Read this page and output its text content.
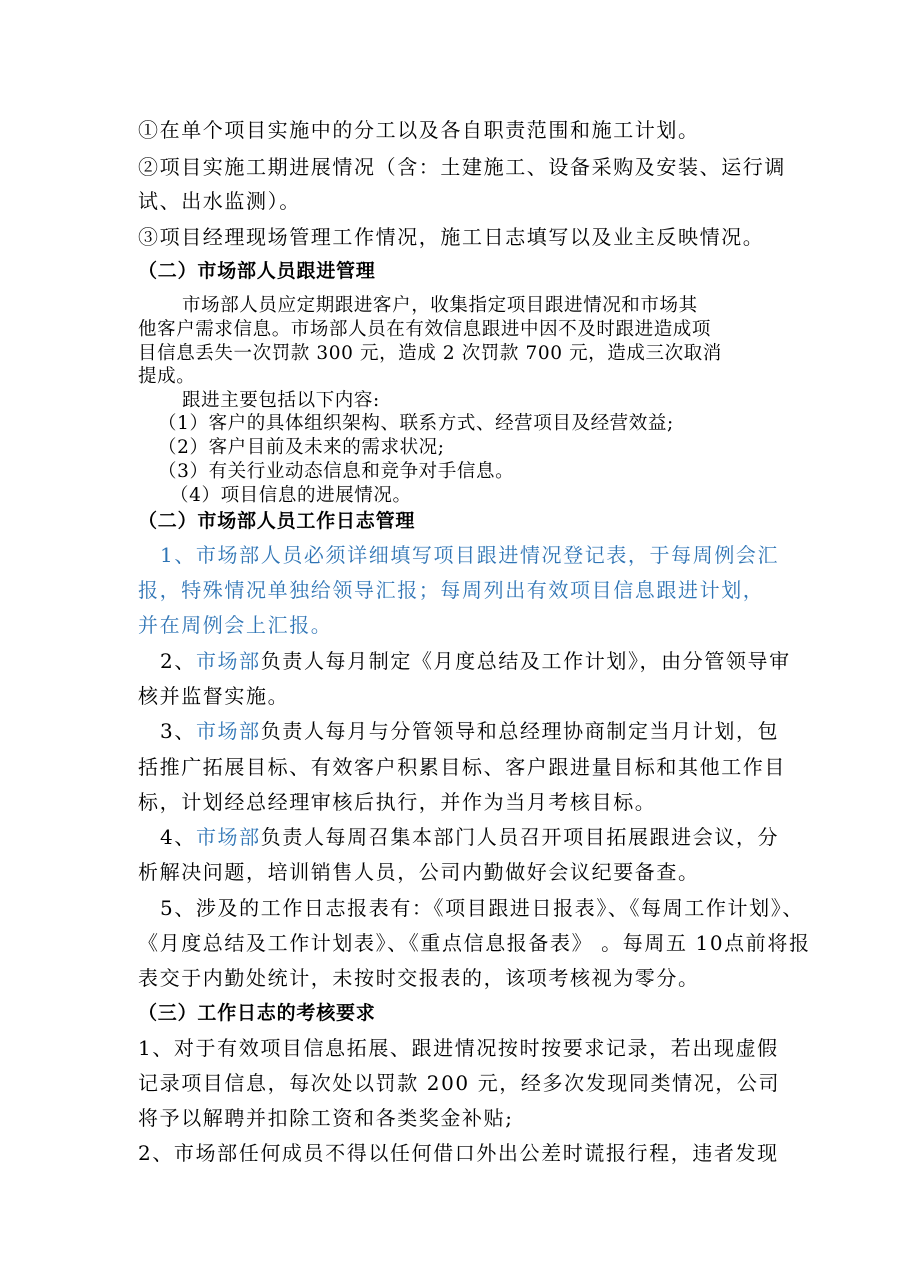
①在单个项目实施中的分工以及各自职责范围和施工计划。
②项目实施工期进展情况（含：土建施工、设备采购及安装、运行调
试、出水监测）。
③项目经理现场管理工作情况，施工日志填写以及业主反映情况。
（二）市场部人员跟进管理
市场部人员应定期跟进客户，收集指定项目跟进情况和市场其
他客户需求信息。市场部人员在有效信息跟进中因不及时跟进造成项
目信息丢失一次罚款 300 元，造成 2 次罚款 700 元，造成三次取消
提成。
跟进主要包括以下内容:
（1）客户的具体组织架构、联系方式、经营项目及经营效益;
（2）客户目前及未来的需求状况;
（3）有关行业动态信息和竞争对手信息。
（4）项目信息的进展情况。
（二）市场部人员工作日志管理
1、市场部人员必须详细填写项目跟进情况登记表，于每周例会汇
报，特殊情况单独给领导汇报；每周列出有效项目信息跟进计划，
并在周例会上汇报。
2、市场部负责人每月制定《月度总结及工作计划》，由分管领导审
核并监督实施。
3、市场部负责人每月与分管领导和总经理协商制定当月计划，包
括推广拓展目标、有效客户积累目标、客户跟进量目标和其他工作目
标，计划经总经理审核后执行，并作为当月考核目标。
4、市场部负责人每周召集本部门人员召开项目拓展跟进会议，分
析解决问题，培训销售人员，公司内勤做好会议纪要备查。
5、涉及的工作日志报表有：《项目跟进日报表》、《每周工作计划》、
《月度总结及工作计划表》、《重点信息报备表》 。每周五 10点前将报
表交于内勤处统计，未按时交报表的，该项考核视为零分。
（三）工作日志的考核要求
1、对于有效项目信息拓展、跟进情况按时按要求记录，若出现虚假
记录项目信息，每次处以罚款 200 元，经多次发现同类情况，公司
将予以解聘并扣除工资和各类奖金补贴;
2、市场部任何成员不得以任何借口外出公差时谎报行程，违者发现
